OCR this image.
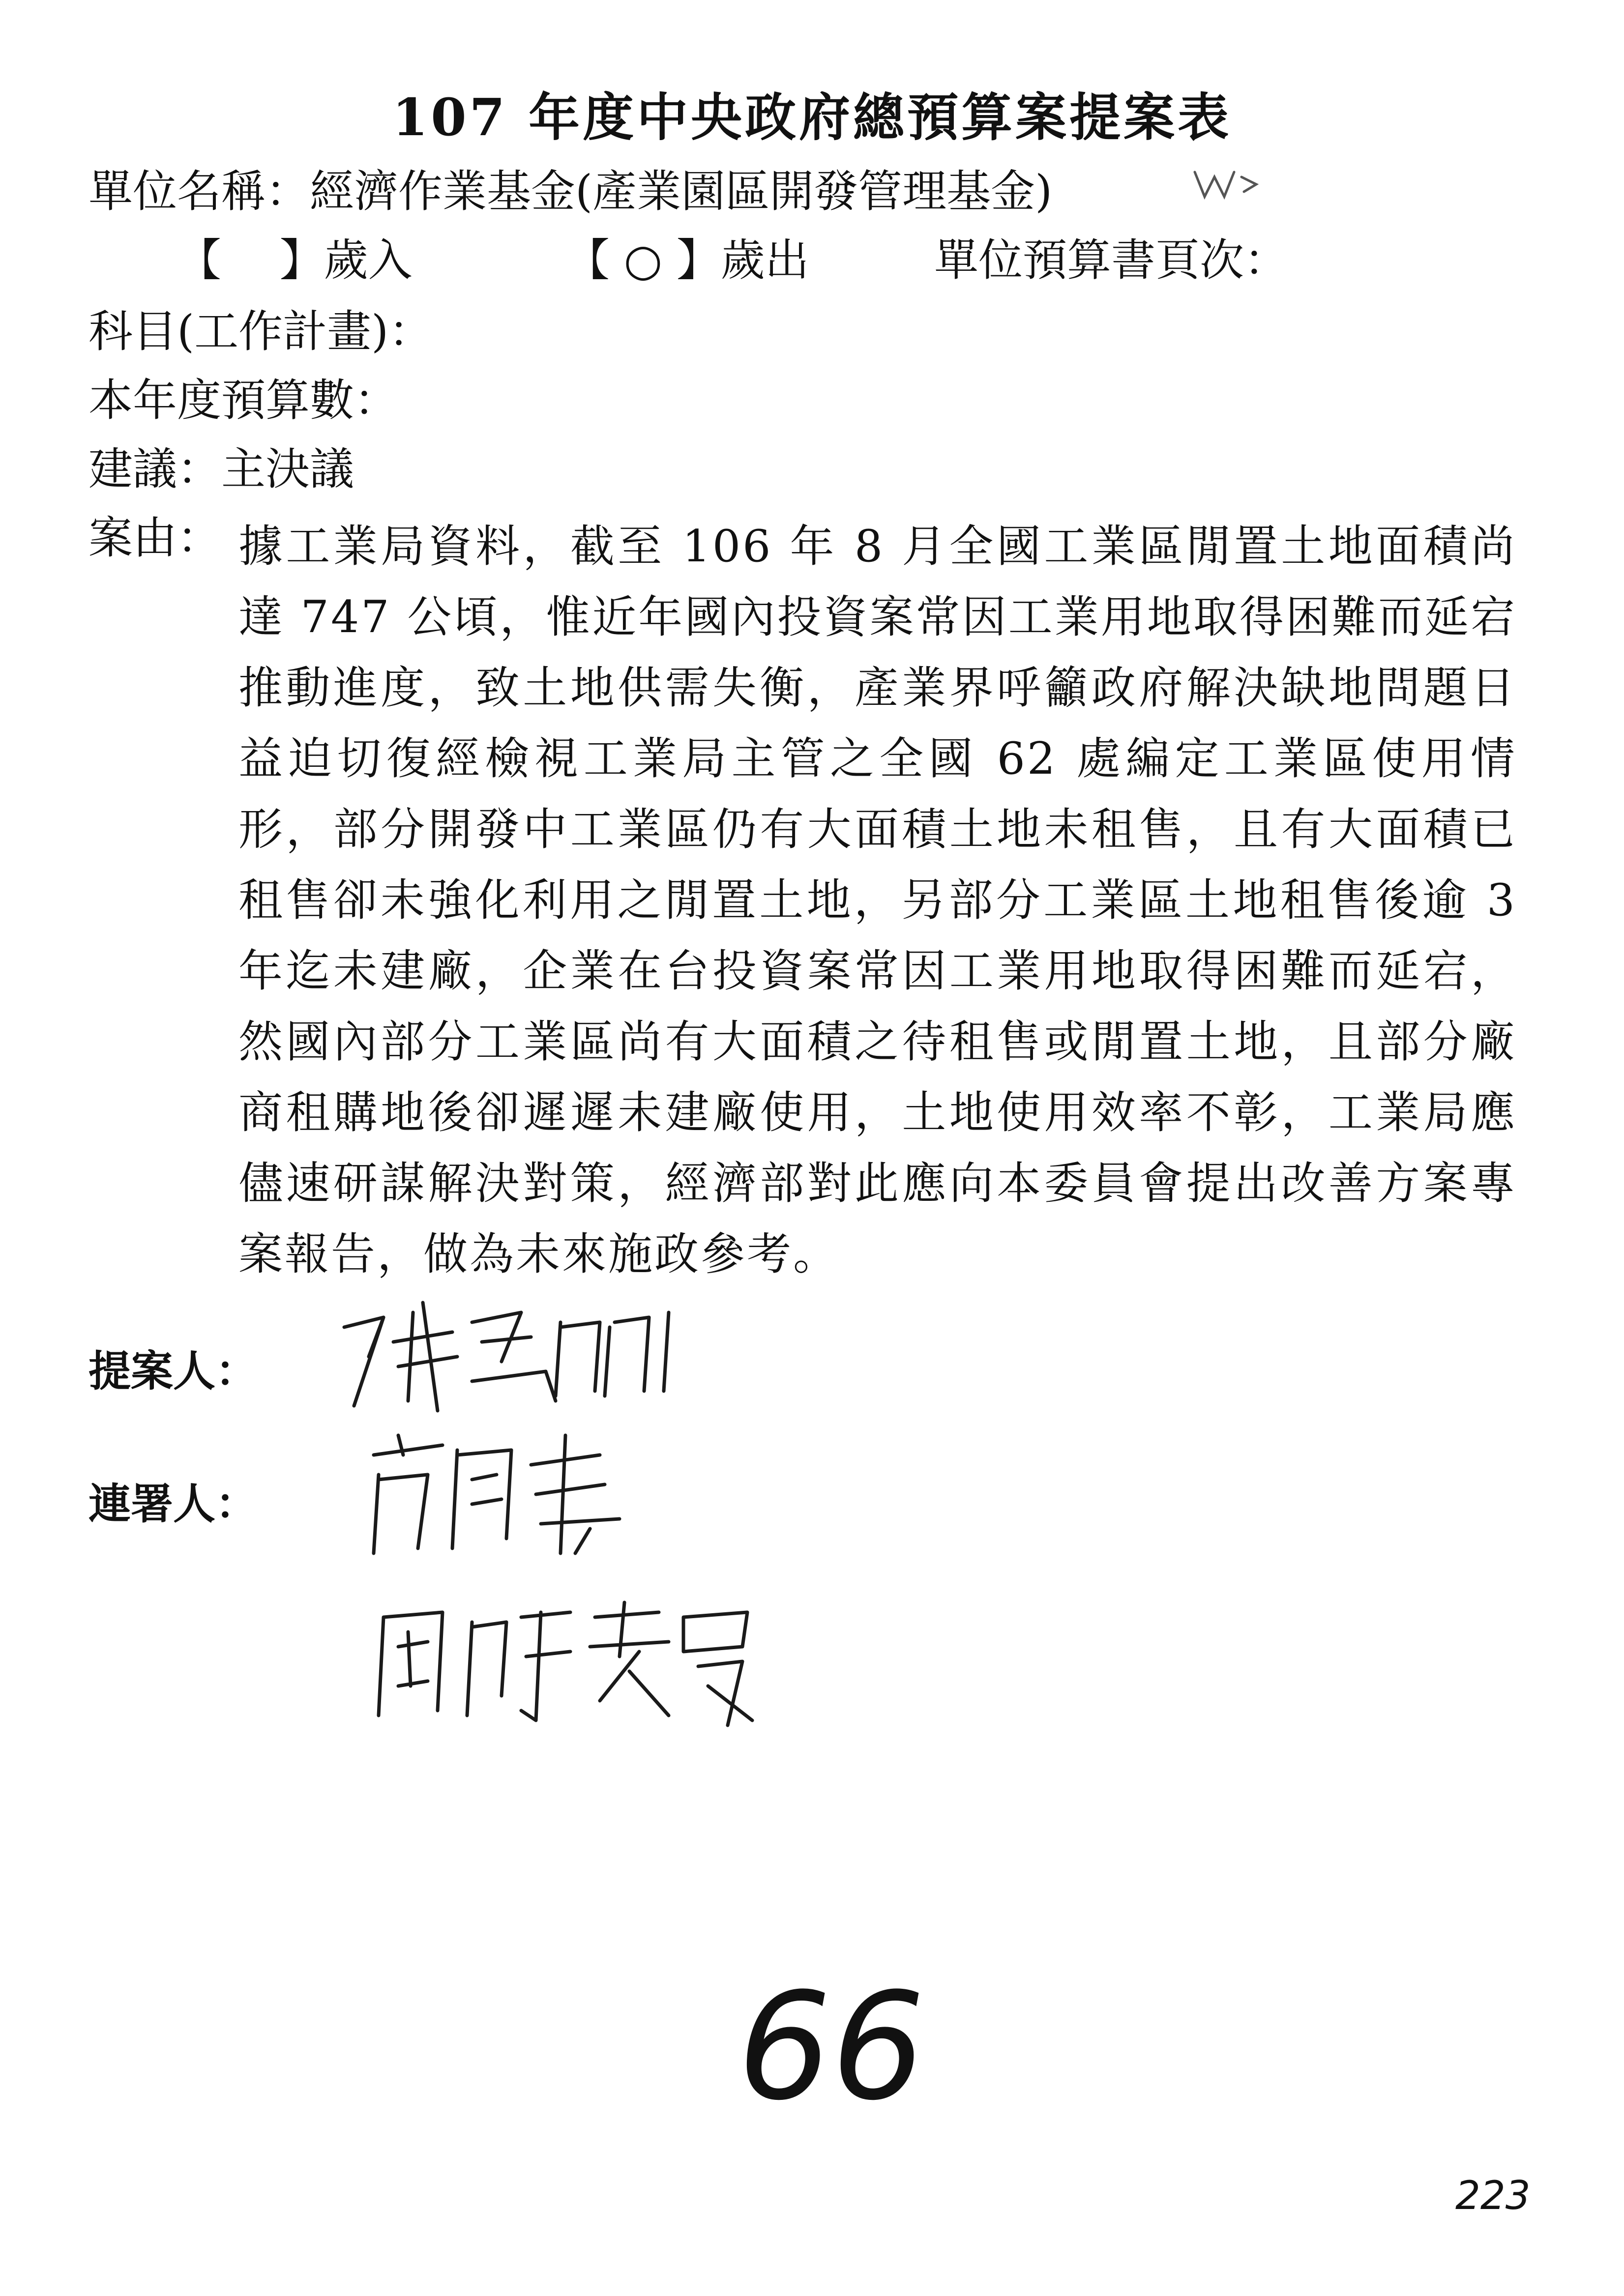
107 年度中央政府總預算案提案表
單位名稱：經濟作業基金(產業園區開發管理基金)
【　 】歲入	【 ○ 】歲出	單位預算書頁次：
科目(工作計畫)：
本年度預算數：
建議：主決議
案由： 據工業局資料，截至 106 年 8 月全國工業區閒置土地面積尚達 747 公頃，惟近年國內投資案常因工業用地取得困難而延宕推動進度，致土地供需失衡，產業界呼籲政府解決缺地問題日益迫切復經檢視工業局主管之全國 62 處編定工業區使用情形，部分開發中工業區仍有大面積土地未租售，且有大面積已租售卻未強化利用之閒置土地，另部分工業區土地租售後逾 3 年迄未建廠，企業在台投資案常因工業用地取得困難而延宕，然國內部分工業區尚有大面積之待租售或閒置土地，且部分廠商租購地後卻遲遲未建廠使用，土地使用效率不彰，工業局應儘速研謀解決對策，經濟部對此應向本委員會提出改善方案專案報告，做為未來施政參考。
提案人：
連署人：
66
223
